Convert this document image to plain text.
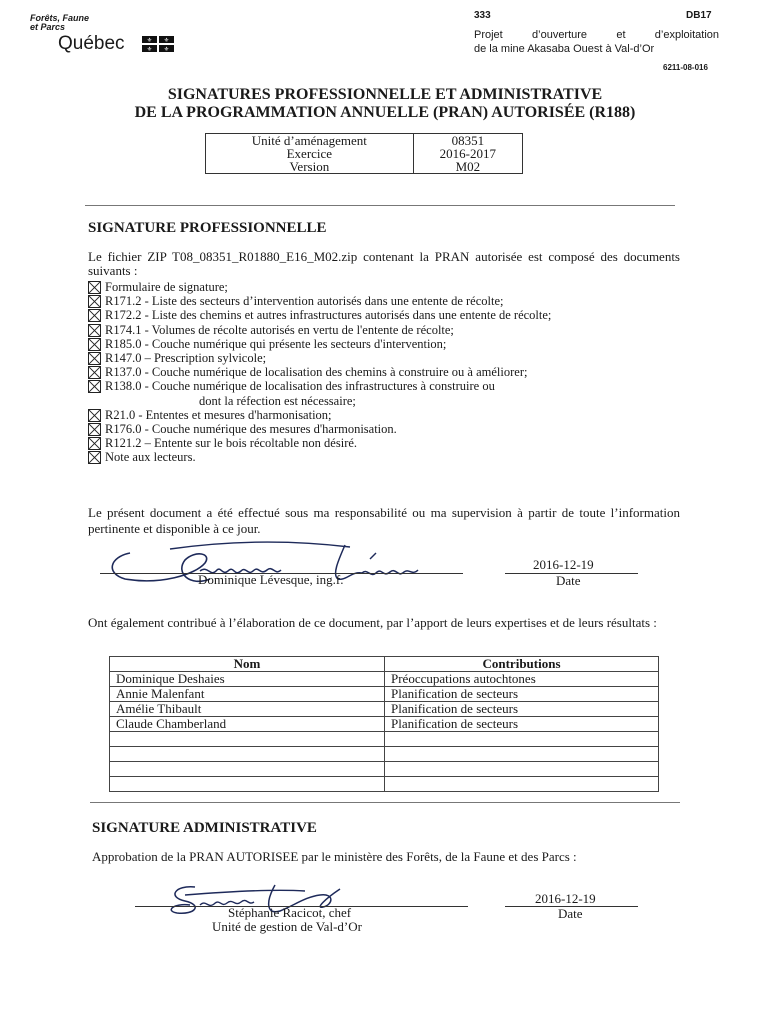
Forêts, Faune
et Parcs
Québec	⚜ ⚜
⚜ ⚜
333	DB17
Projet	d’ouverture	et	d’exploitation
de la mine Akasaba Ouest à Val-d’Or
6211-08-016
SIGNATURES PROFESSIONNELLE ET ADMINISTRATIVE
DE LA PROGRAMMATION ANNUELLE (PRAN) AUTORISÉE (R188)
Unité d’aménagement	08351
Exercice	2016-2017
Version	M02
SIGNATURE PROFESSIONNELLE
Le fichier ZIP T08_08351_R01880_E16_M02.zip contenant la PRAN autorisée est composé des documents suivants :
Formulaire de signature;
R171.2 - Liste des secteurs d’intervention autorisés dans une entente de récolte;
R172.2 - Liste des chemins et autres infrastructures autorisés dans une entente de récolte;
R174.1 - Volumes de récolte autorisés en vertu de l'entente de récolte;
R185.0 - Couche numérique qui présente les secteurs d'intervention;
R147.0 – Prescription sylvicole;
R137.0 - Couche numérique de localisation des chemins à construire ou à améliorer;
R138.0 - Couche numérique de localisation des infrastructures à construire ou
dont la réfection est nécessaire;
R21.0 - Ententes et mesures d'harmonisation;
R176.0 - Couche numérique des mesures d'harmonisation.
R121.2 – Entente sur le bois récoltable non désiré.
Note aux lecteurs.
Le présent document a été effectué sous ma responsabilité ou ma supervision à partir de toute l’information pertinente et disponible à ce jour.
Dominique Lévesque, ing.f.
2016-12-19
Date
Ont également contribué à l’élaboration de ce document, par l’apport de leurs expertises et de leurs résultats :
Nom	Contributions
Dominique Deshaies	Préoccupations autochtones
Annie Malenfant	Planification de secteurs
Amélie Thibault	Planification de secteurs
Claude Chamberland	Planification de secteurs

SIGNATURE ADMINISTRATIVE
Approbation de la PRAN AUTORISEE par le ministère des Forêts, de la Faune et des Parcs :
Stéphanie Racicot, chef
Unité de gestion de Val-d’Or
2016-12-19
Date
